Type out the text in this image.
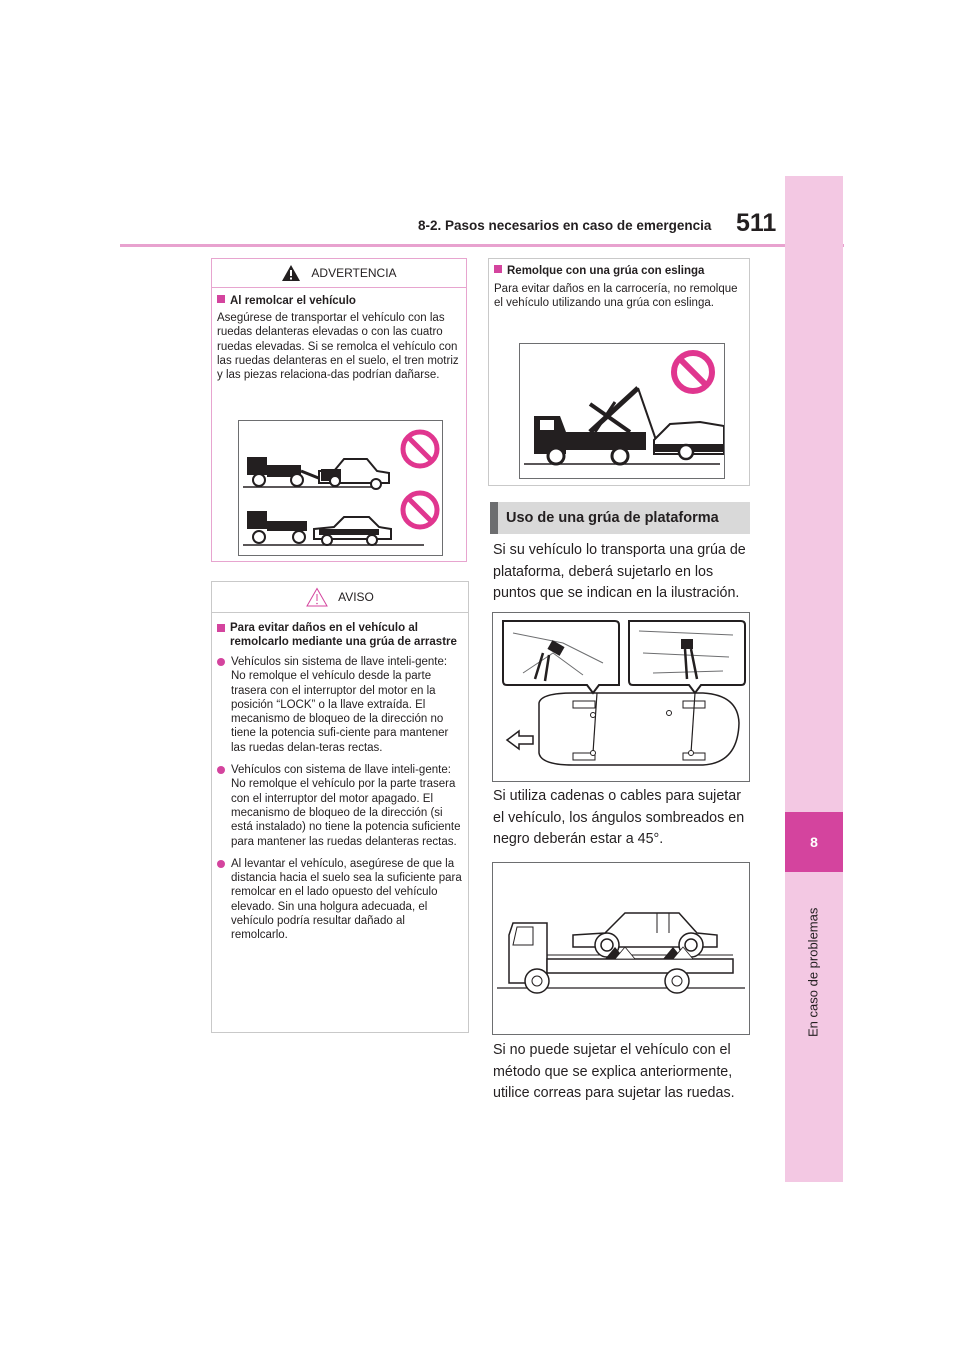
8-2. Pasos necesarios en caso de emergencia 511
8
En caso de problemas
ADVERTENCIA
Al remolcar el vehículo
Asegúrese de transportar el vehículo con las ruedas delanteras elevadas o con las cuatro ruedas elevadas. Si se remolca el vehículo con las ruedas delanteras en el suelo, el tren motriz y las piezas relaciona-das podrían dañarse.
AVISO
Para evitar daños en el vehículo al remolcarlo mediante una grúa de arrastre
Vehículos sin sistema de llave inteli-gente: No remolque el vehículo desde la parte trasera con el interruptor del motor en la posición “LOCK” o la llave extraída. El mecanismo de bloqueo de la dirección no tiene la potencia sufi-ciente para mantener las ruedas delan-teras rectas.
Vehículos con sistema de llave inteli-gente: No remolque el vehículo por la parte trasera con el interruptor del motor apagado. El mecanismo de bloqueo de la dirección (si está instalado) no tiene la potencia suficiente para mantener las ruedas delanteras rectas.
Al levantar el vehículo, asegúrese de que la distancia hacia el suelo sea la suficiente para remolcar en el lado opuesto del vehículo elevado. Sin una holgura adecuada, el vehículo podría resultar dañado al remolcarlo.
Remolque con una grúa con eslinga
Para evitar daños en la carrocería, no remolque el vehículo utilizando una grúa con eslinga.
Uso de una grúa de plataforma
Si su vehículo lo transporta una grúa de plataforma, deberá sujetarlo en los puntos que se indican en la ilustración.
Si utiliza cadenas o cables para sujetar el vehículo, los ángulos sombreados en negro deberán estar a 45°.
Si no puede sujetar el vehículo con el método que se explica anteriormente, utilice correas para sujetar las ruedas.
